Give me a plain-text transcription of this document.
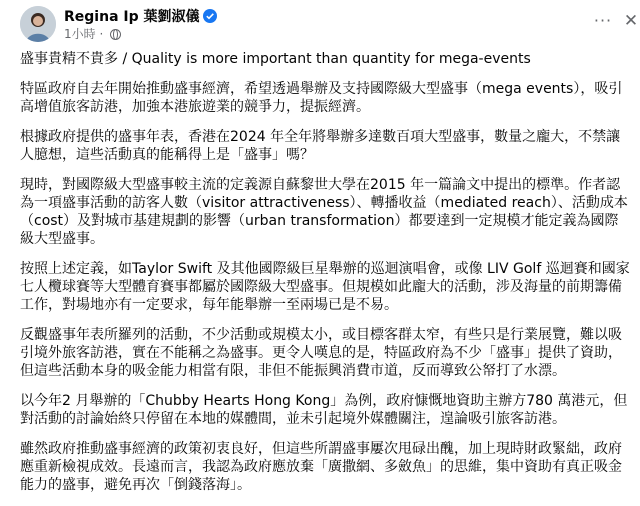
Regina Ip 葉劉淑儀
1小時 ·
··· ✕

盛事貴精不貴多 / Quality is more important than quantity for mega-events

特區政府自去年開始推動盛事經濟，希望透過舉辦及支持國際級大型盛事（mega events），吸引高增值旅客訪港，加強本港旅遊業的競爭力，提振經濟。

根據政府提供的盛事年表，香港在2024 年全年將舉辦多達數百項大型盛事，數量之龐大，不禁讓人臆想，這些活動真的能稱得上是「盛事」嗎？

現時，對國際級大型盛事較主流的定義源自蘇黎世大學在2015 年一篇論文中提出的標準。作者認為一項盛事活動的訪客人數（visitor attractiveness）、轉播收益（mediated reach）、活動成本（cost）及對城市基建規劃的影響（urban transformation）都要達到一定規模才能定義為國際級大型盛事。

按照上述定義，如Taylor Swift 及其他國際級巨星舉辦的巡迴演唱會，或像 LIV Golf 巡迴賽和國家七人欖球賽等大型體育賽事都屬於國際級大型盛事。但規模如此龐大的活動，涉及海量的前期籌備工作，對場地亦有一定要求，每年能舉辦一至兩場已是不易。

反觀盛事年表所羅列的活動，不少活動或規模太小，或目標客群太窄，有些只是行業展覽，難以吸引境外旅客訪港，實在不能稱之為盛事。更令人嘆息的是，特區政府為不少「盛事」提供了資助，但這些活動本身的吸金能力相當有限，非但不能振興消費市道，反而導致公帑打了水漂。

以今年2 月舉辦的「Chubby Hearts Hong Kong」為例，政府慷慨地資助主辦方780 萬港元，但對活動的討論始終只停留在本地的媒體間，並未引起境外媒體關注，遑論吸引旅客訪港。

雖然政府推動盛事經濟的政策初衷良好，但這些所謂盛事屢次甩碌出醜，加上現時財政緊絀，政府應重新檢視成效。長遠而言，我認為政府應放棄「廣撒網、多斂魚」的思維，集中資助有真正吸金能力的盛事，避免再次「倒錢落海」。
